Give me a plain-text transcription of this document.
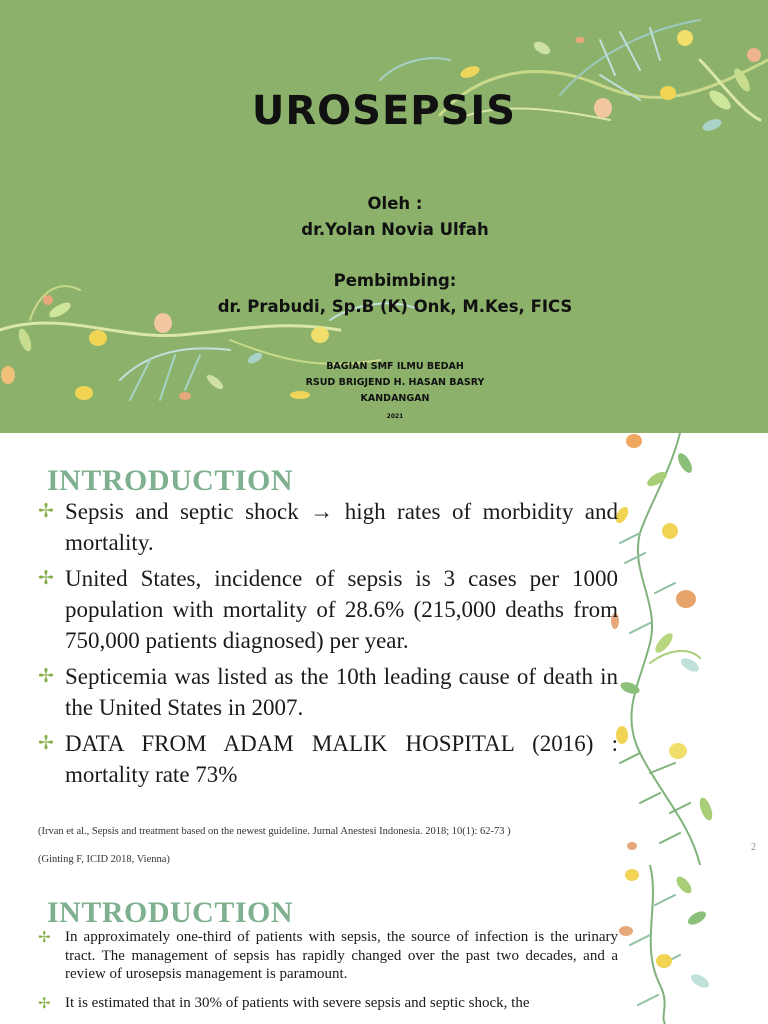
UROSEPSIS
Oleh :
dr.Yolan Novia Ulfah
Pembimbing:
dr. Prabudi, Sp.B (K) Onk, M.Kes, FICS
BAGIAN SMF ILMU BEDAH
RSUD BRIGJEND H. HASAN BASRY
KANDANGAN
2021
INTRODUCTION
✢ Sepsis and septic shock → high rates of morbidity and mortality.
✢ United States, incidence of sepsis is 3 cases per 1000 population with mortality of 28.6% (215,000 deaths from 750,000 patients diagnosed) per year.
✢ Septicemia was listed as the 10th leading cause of death in the United States in 2007.
✢ DATA FROM ADAM MALIK HOSPITAL (2016) : mortality rate 73%
(Irvan et al., Sepsis and treatment based on the newest guideline. Jurnal Anestesi Indonesia. 2018; 10(1): 62-73 )
(Ginting F, ICID 2018, Vienna)
2
INTRODUCTION
✢ In approximately one-third of patients with sepsis, the source of infection is the urinary tract. The management of sepsis has rapidly changed over the past two decades, and a review of urosepsis management is paramount.
✢ It is estimated that in 30% of patients with severe sepsis and septic shock, the
